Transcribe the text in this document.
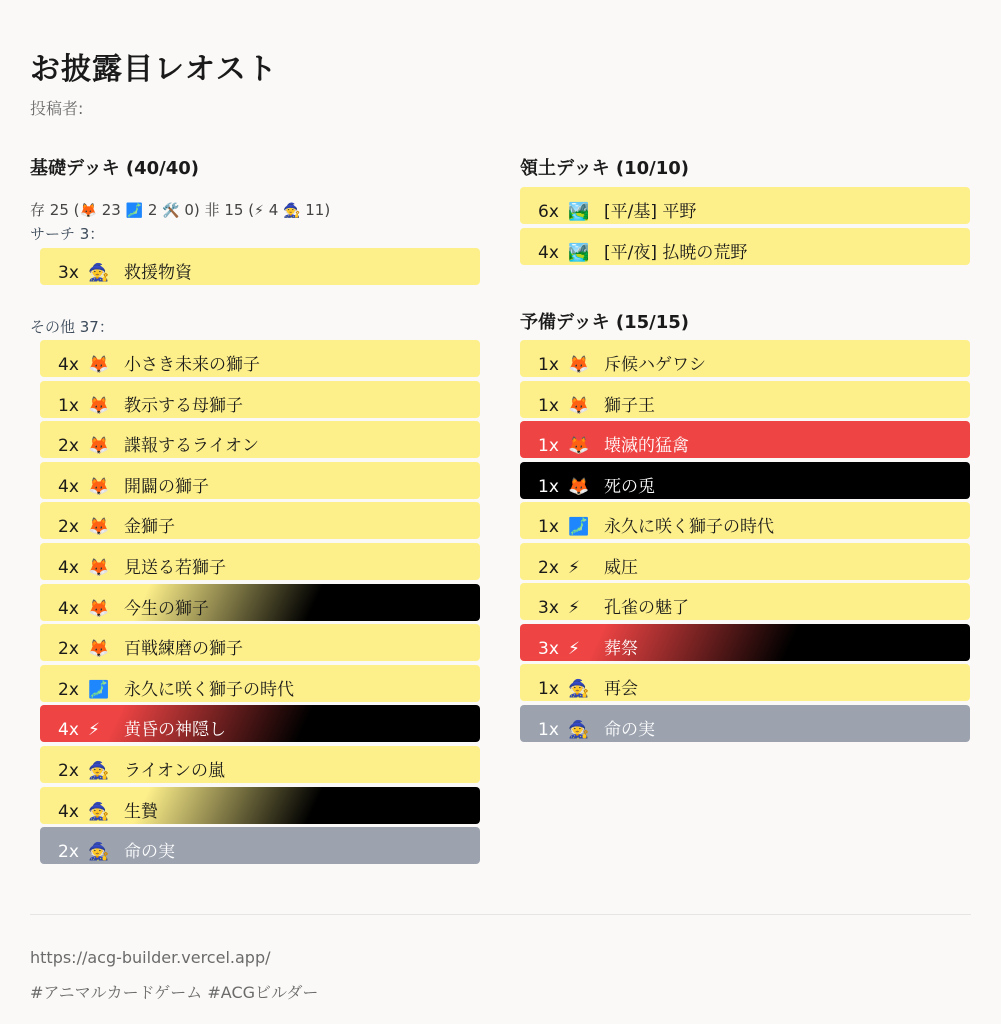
お披露目レオスト
投稿者:
基礎デッキ (40/40)
存 25 (🦊 23 🗾 2 🛠️ 0) 非 15 (⚡ 4 🧙 11)
サーチ 3：
3x 🧙 救援物資
その他 37：
4x 🦊 小さき未来の獅子
1x 🦊 教示する母獅子
2x 🦊 諜報するライオン
4x 🦊 開闢の獅子
2x 🦊 金獅子
4x 🦊 見送る若獅子
4x 🦊 今生の獅子
2x 🦊 百戦練磨の獅子
2x 🗾 永久に咲く獅子の時代
4x ⚡ 黄昏の神隠し
2x 🧙 ライオンの嵐
4x 🧙 生贄
2x 🧙 命の実
領土デッキ (10/10)
6x 🏞️ [平/基] 平野
4x 🏞️ [平/夜] 払暁の荒野
予備デッキ (15/15)
1x 🦊 斥候ハゲワシ
1x 🦊 獅子王
1x 🦊 壊滅的猛禽
1x 🦊 死の兎
1x 🗾 永久に咲く獅子の時代
2x ⚡ 威圧
3x ⚡ 孔雀の魅了
3x ⚡ 葬祭
1x 🧙 再会
1x 🧙 命の実
https://acg-builder.vercel.app/
#アニマルカードゲーム #ACGビルダー
